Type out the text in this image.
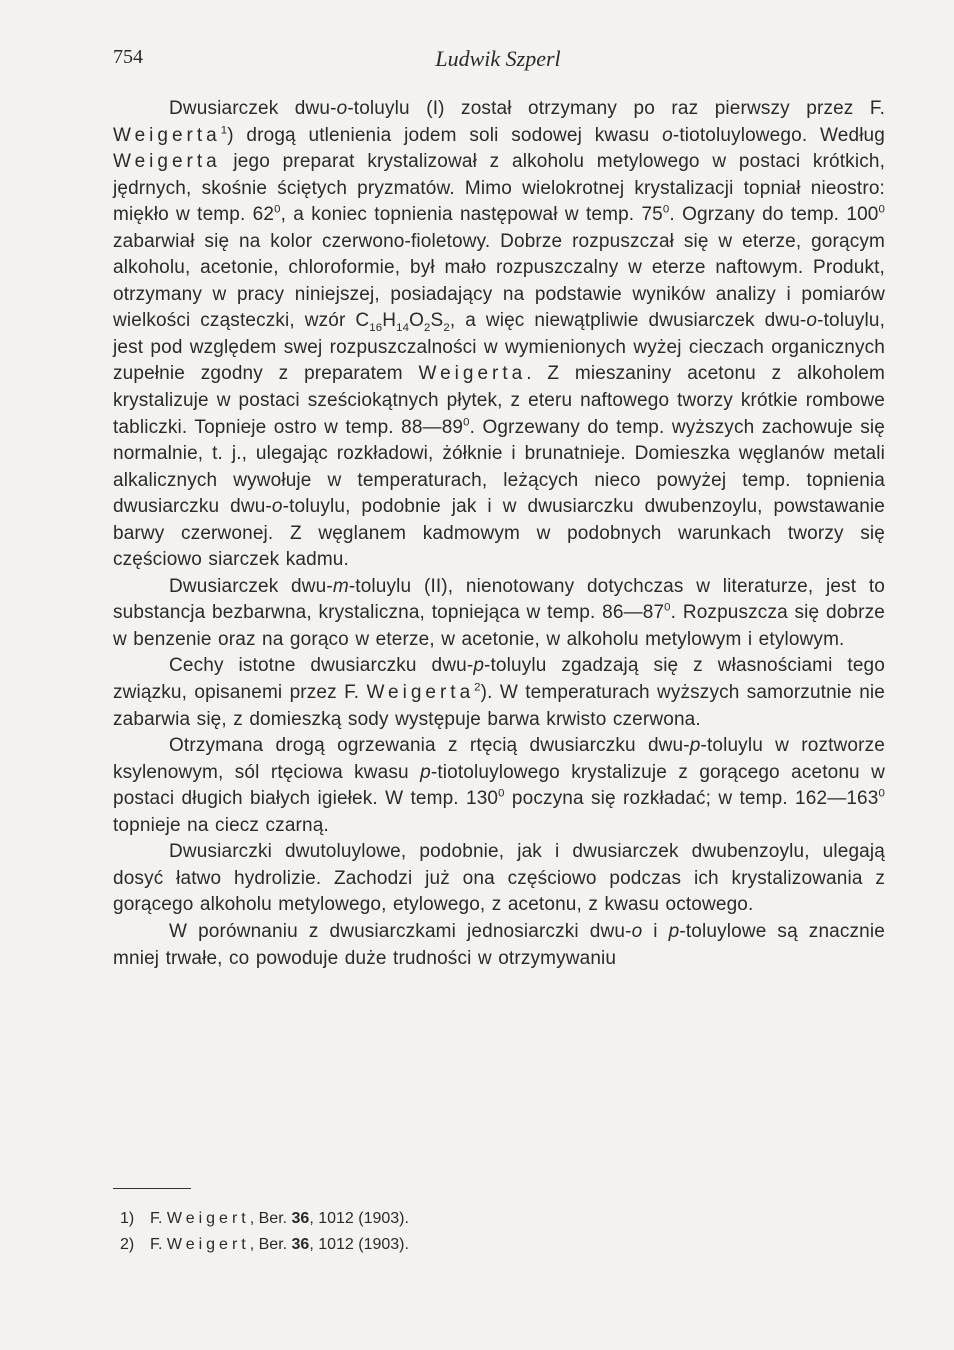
754	Ludwik Szperl

Dwusiarczek dwu-o-toluylu (I) został otrzymany po raz pierwszy przez F. Weigerta$^1$) drogą utlenienia jodem soli sodowej kwasu o-tiotoluylowego. Według Weigerta jego preparat krystalizował z alkoholu metylowego w postaci krótkich, jędrnych, skośnie ściętych pryzmatów. Mimo wielokrotnej krystalizacji topniał nieostro: miękło w temp. $62^0$, a koniec topnienia następował w temp. $75^0$. Ogrzany do temp. $100^0$ zabarwiał się na kolor czerwono-fioletowy. Dobrze rozpuszczał się w eterze, gorącym alkoholu, acetonie, chloroformie, był mało rozpuszczalny w eterze naftowym. Produkt, otrzymany w pracy niniejszej, posiadający na podstawie wyników analizy i pomiarów wielkości cząsteczki, wzór $C_{16}H_{14}O_2S_2$, a więc niewątpliwie dwusiarczek dwu-o-toluylu, jest pod względem swej rozpuszczalności w wymienionych wyżej cieczach organicznych zupełnie zgodny z preparatem Weigerta. Z mieszaniny acetonu z alkoholem krystalizuje w postaci sześciokątnych płytek, z eteru naftowego tworzy krótkie rombowe tabliczki. Topnieje ostro w temp. $88—89^0$. Ogrzewany do temp. wyższych zachowuje się normalnie, t. j., ulegając rozkładowi, żółknie i brunatnieje. Domieszka węglanów metali alkalicznych wywołuje w temperaturach, leżących nieco powyżej temp. topnienia dwusiarczku dwu-o-toluylu, podobnie jak i w dwusiarczku dwubenzoylu, powstawanie barwy czerwonej. Z węglanem kadmowym w podobnych warunkach tworzy się częściowo siarczek kadmu.

Dwusiarczek dwu-m-toluylu (II), nienotowany dotychczas w literaturze, jest to substancja bezbarwna, krystaliczna, topniejąca w temp. $86—87^0$. Rozpuszcza się dobrze w benzenie oraz na gorąco w eterze, w acetonie, w alkoholu metylowym i etylowym.

Cechy istotne dwusiarczku dwu-p-toluylu zgadzają się z własnościami tego związku, opisanemi przez F. Weigerta$^2$). W temperaturach wyższych samorzutnie nie zabarwia się, z domieszką sody występuje barwa krwisto czerwona.

Otrzymana drogą ogrzewania z rtęcią dwusiarczku dwu-p-toluylu w roztworze ksylenowym, sól rtęciowa kwasu p-tiotoluylowego krystalizuje z gorącego acetonu w postaci długich białych igiełek. W temp. $130^0$ poczyna się rozkładać; w temp. $162—163^0$ topnieje na ciecz czarną.

Dwusiarczki dwutoluylowe, podobnie, jak i dwusiarczek dwubenzoylu, ulegają dosyć łatwo hydrolizie. Zachodzi już ona częściowo podczas ich krystalizowania z gorącego alkoholu metylowego, etylowego, z acetonu, z kwasu octowego.

W porównaniu z dwusiarczkami jednosiarczki dwu-o i p-toluylowe są znacznie mniej trwałe, co powoduje duże trudności w otrzymywaniu

1) F. Weigert, Ber. 36, 1012 (1903).
2) F. Weigert, Ber. 36, 1012 (1903).
